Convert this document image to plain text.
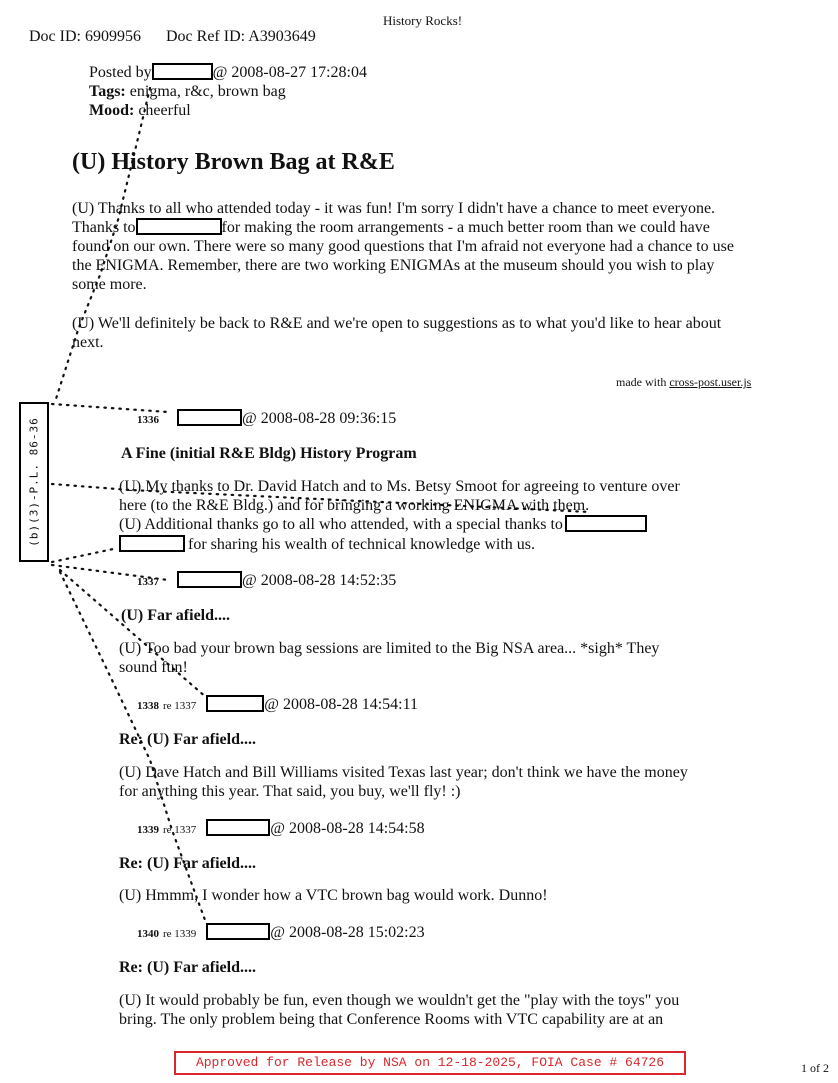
History Rocks!
Doc ID: 6909956 Doc Ref ID: A3903649
Posted by	@ 2008-08-27 17:28:04
Tags: enigma, r&c, brown bag
Mood: cheerful
(U) History Brown Bag at R&E
(U) Thanks to all who attended today - it was fun! I'm sorry I didn't have a chance to meet everyone.
Thanks to	for making the room arrangements - a much better room than we could have
found on our own. There were so many good questions that I'm afraid not everyone had a chance to use
the ENIGMA. Remember, there are two working ENIGMAs at the museum should you wish to play
some more.
(U) We'll definitely be back to R&E and we're open to suggestions as to what you'd like to hear about
next.
made with cross-post.user.js
(b)(3)-P.L. 86-36	1336	@ 2008-08-28 09:36:15
A Fine (initial R&E Bldg) History Program
(U) My thanks to Dr. David Hatch and to Ms. Betsy Smoot for agreeing to venture over
here (to the R&E Bldg.) and for bringing a working ENIGMA with them.
(U) Additional thanks go to all who attended, with a special thanks to
for sharing his wealth of technical knowledge with us.
1337	@ 2008-08-28 14:52:35
(U) Far afield....
(U) Too bad your brown bag sessions are limited to the Big NSA area... *sigh* They
sound fun!
1338 re 1337	@ 2008-08-28 14:54:11
Re: (U) Far afield....
(U) Dave Hatch and Bill Williams visited Texas last year; don't think we have the money
for anything this year. That said, you buy, we'll fly! :)
1339 re 1337	@ 2008-08-28 14:54:58
Re: (U) Far afield....
(U) Hmmm, I wonder how a VTC brown bag would work. Dunno!
1340 re 1339	@ 2008-08-28 15:02:23
Re: (U) Far afield....
(U) It would probably be fun, even though we wouldn't get the "play with the toys" you
bring. The only problem being that Conference Rooms with VTC capability are at an
Approved for Release by NSA on 12-18-2025, FOIA Case # 64726	1 of 2
